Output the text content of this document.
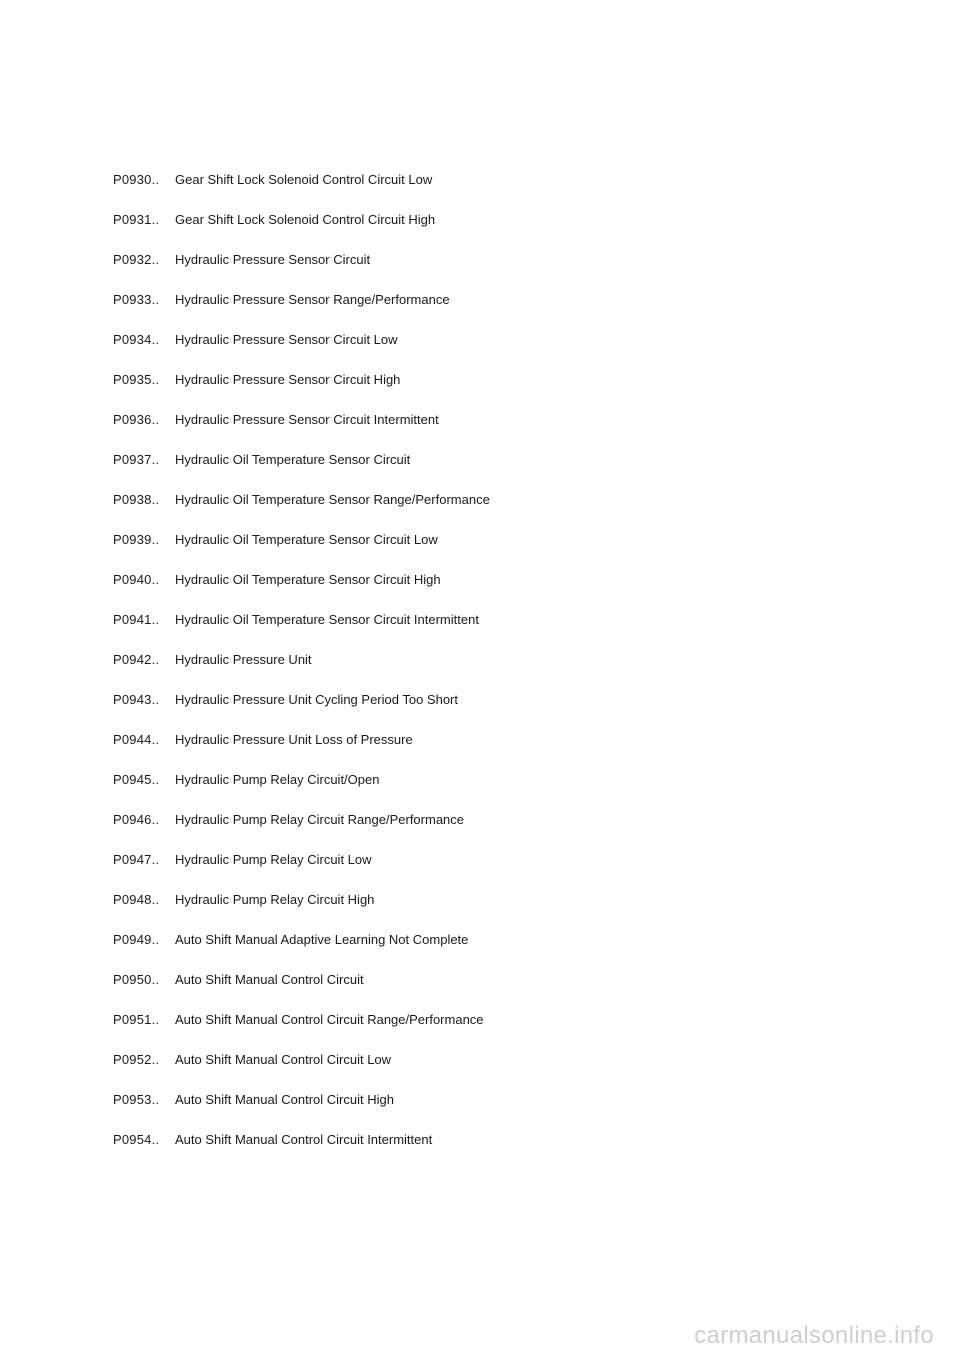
P0930..	Gear Shift Lock Solenoid Control Circuit Low
P0931..	Gear Shift Lock Solenoid Control Circuit High
P0932..	Hydraulic Pressure Sensor Circuit
P0933..	Hydraulic Pressure Sensor Range/Performance
P0934..	Hydraulic Pressure Sensor Circuit Low
P0935..	Hydraulic Pressure Sensor Circuit High
P0936..	Hydraulic Pressure Sensor Circuit Intermittent
P0937..	Hydraulic Oil Temperature Sensor Circuit
P0938..	Hydraulic Oil Temperature Sensor Range/Performance
P0939..	Hydraulic Oil Temperature Sensor Circuit Low
P0940..	Hydraulic Oil Temperature Sensor Circuit High
P0941..	Hydraulic Oil Temperature Sensor Circuit Intermittent
P0942..	Hydraulic Pressure Unit
P0943..	Hydraulic Pressure Unit Cycling Period Too Short
P0944..	Hydraulic Pressure Unit Loss of Pressure
P0945..	Hydraulic Pump Relay Circuit/Open
P0946..	Hydraulic Pump Relay Circuit Range/Performance
P0947..	Hydraulic Pump Relay Circuit Low
P0948..	Hydraulic Pump Relay Circuit High
P0949..	Auto Shift Manual Adaptive Learning Not Complete
P0950..	Auto Shift Manual Control Circuit
P0951..	Auto Shift Manual Control Circuit Range/Performance
P0952..	Auto Shift Manual Control Circuit Low
P0953..	Auto Shift Manual Control Circuit High
P0954..	Auto Shift Manual Control Circuit Intermittent
carmanualsonline.info
